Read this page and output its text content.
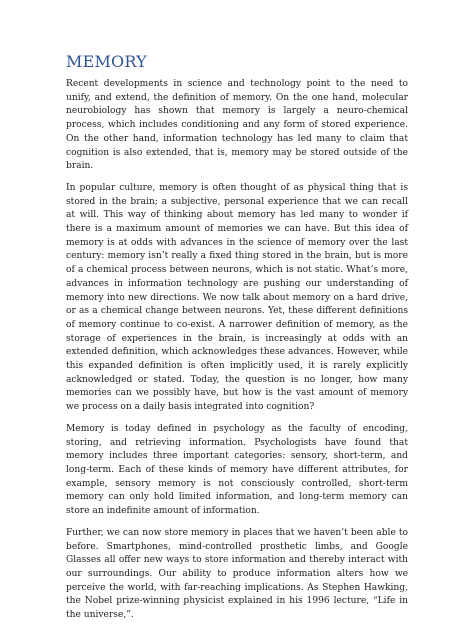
MEMORY

Recent developments in science and technology point to the need to unify, and extend, the definition of memory. On the one hand, molecular neurobiology has shown that memory is largely a neuro-chemical process, which includes conditioning and any form of stored experience. On the other hand, information technology has led many to claim that cognition is also extended, that is, memory may be stored outside of the brain.

In popular culture, memory is often thought of as physical thing that is stored in the brain; a subjective, personal experience that we can recall at will. This way of thinking about memory has led many to wonder if there is a maximum amount of memories we can have. But this idea of memory is at odds with advances in the science of memory over the last century: memory isn’t really a fixed thing stored in the brain, but is more of a chemical process between neurons, which is not static. What’s more, advances in information technology are pushing our understanding of memory into new directions. We now talk about memory on a hard drive, or as a chemical change between neurons. Yet, these different definitions of memory continue to co-exist. A narrower definition of memory, as the storage of experiences in the brain, is increasingly at odds with an extended definition, which acknowledges these advances. However, while this expanded definition is often implicitly used, it is rarely explicitly acknowledged or stated. Today, the question is no longer, how many memories can we possibly have, but how is the vast amount of memory we process on a daily basis integrated into cognition?

Memory is today defined in psychology as the faculty of encoding, storing, and retrieving information. Psychologists have found that memory includes three important categories: sensory, short-term, and long-term. Each of these kinds of memory have different attributes, for example, sensory memory is not consciously controlled, short-term memory can only hold limited information, and long-term memory can store an indefinite amount of information.

Further, we can now store memory in places that we haven’t been able to before. Smartphones, mind-controlled prosthetic limbs, and Google Glasses all offer new ways to store information and thereby interact with our surroundings. Our ability to produce information alters how we perceive the world, with far-reaching implications. As Stephen Hawking, the Nobel prize-winning physicist explained in his 1996 lecture, “Life in the universe,”.
